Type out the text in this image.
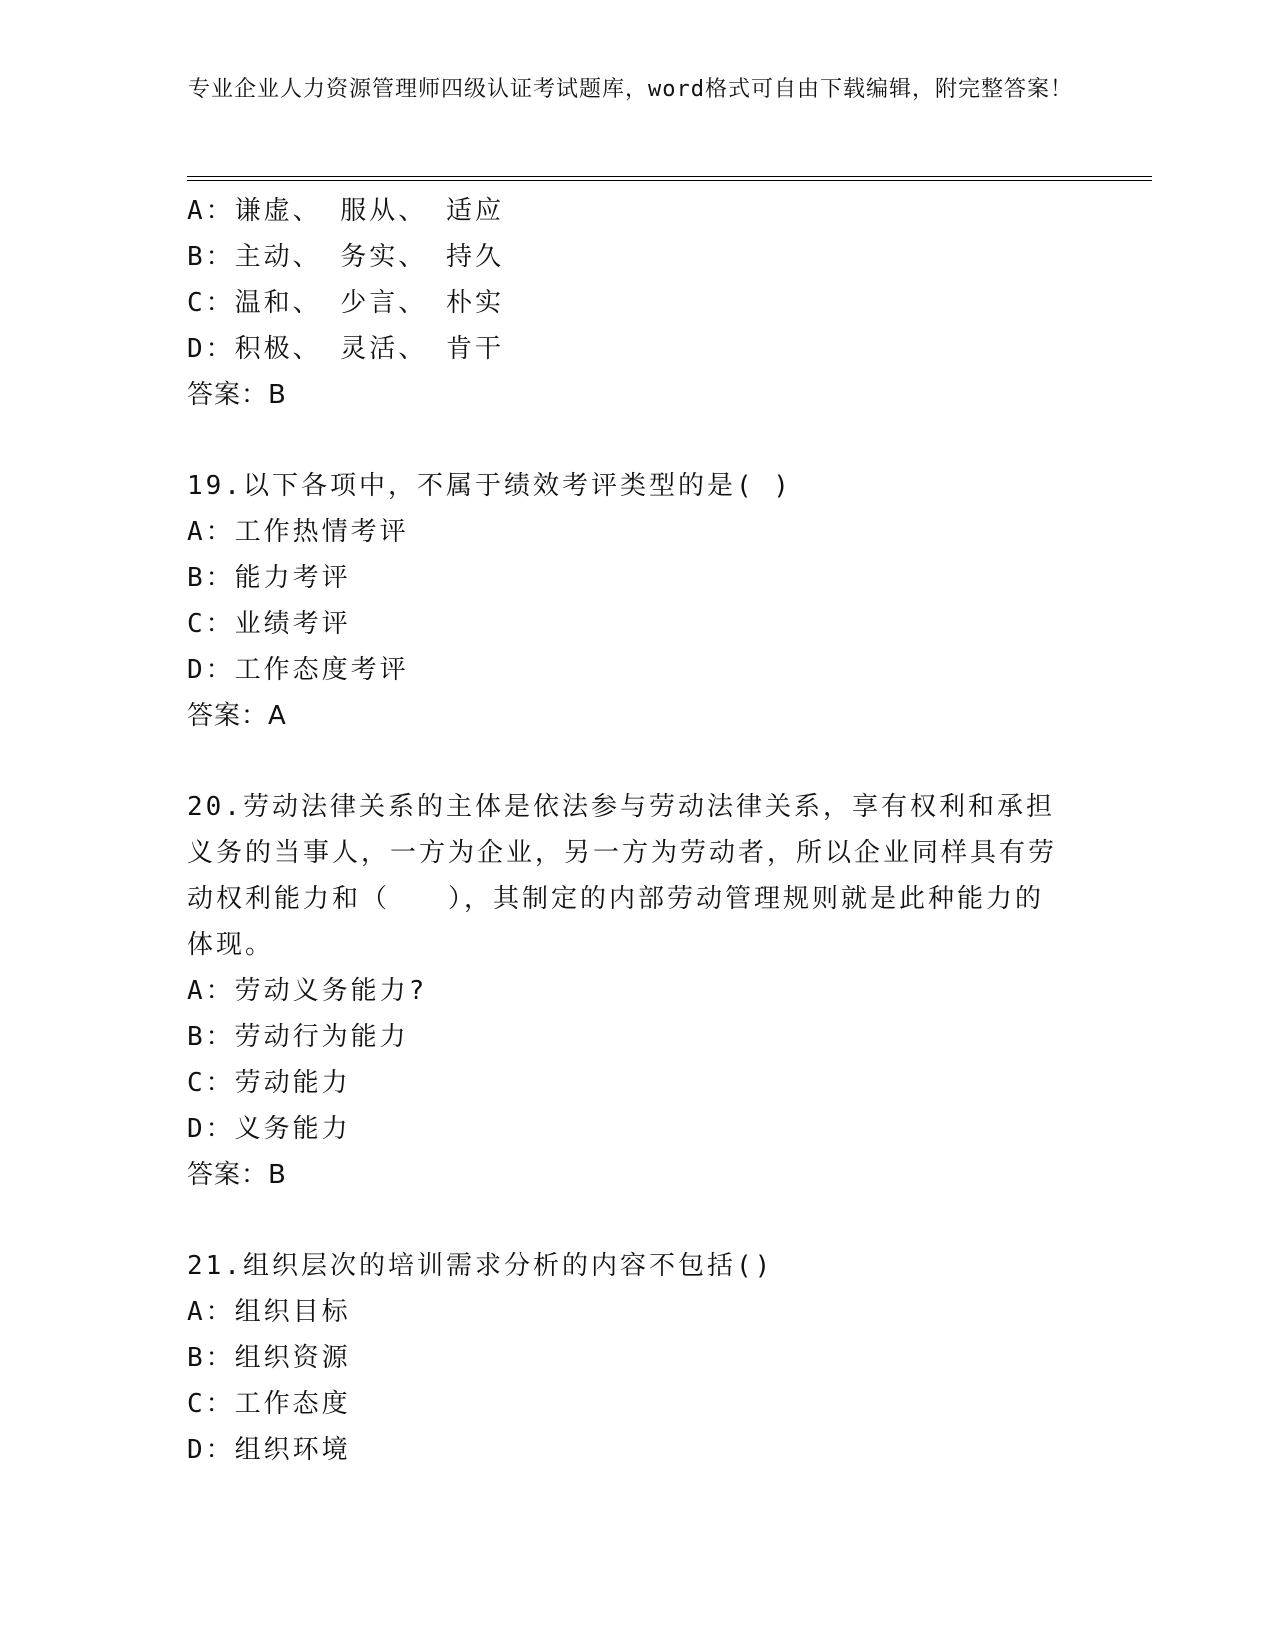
专业企业人力资源管理师四级认证考试题库，word格式可自由下载编辑，附完整答案！
A：谦虚、 服从、 适应
B：主动、 务实、 持久
C：温和、 少言、 朴实
D：积极、 灵活、 肯干
答案：B
19.以下各项中，不属于绩效考评类型的是( )
A：工作热情考评
B：能力考评
C：业绩考评
D：工作态度考评
答案：A
20.劳动法律关系的主体是依法参与劳动法律关系，享有权利和承担义务的当事人，一方为企业，另一方为劳动者，所以企业同样具有劳动权利能力和（　　），其制定的内部劳动管理规则就是此种能力的体现。
A：劳动义务能力?
B：劳动行为能力
C：劳动能力
D：义务能力
答案：B
21.组织层次的培训需求分析的内容不包括()
A：组织目标
B：组织资源
C：工作态度
D：组织环境
